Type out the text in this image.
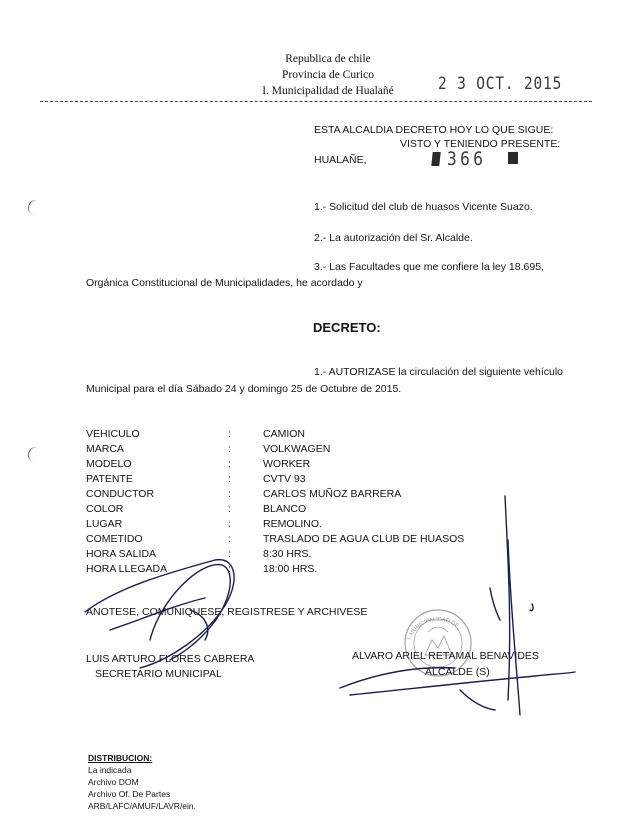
Republica de chile
Provincia de Curico
I. Municipalidad de Hualañé	2 3 OCT. 2015
ESTA ALCALDIA DECRETO HOY LO QUE SIGUE:
VISTO Y TENIENDO PRESENTE:
HUALAÑE,	366
1.- Solicitud del club de huasos Vicente Suazo.
2.- La autorización del Sr. Alcalde.
3.- Las Facultades que me confiere la ley 18.695,
Orgánica Constitucional de Municipalidades, he acordado y
DECRETO:
1.- AUTORIZASE la circulación del siguiente vehículo
Municipal para el día Sábado 24 y domingo 25 de Octubre de 2015.
VEHICULO	:	CAMION
MARCA	:	VOLKWAGEN
MODELO	:	WORKER
PATENTE	:	CVTV 93
CONDUCTOR	:	CARLOS MUÑOZ BARRERA
COLOR	:	BLANCO
LUGAR	:	REMOLINO.
COMETIDO	:	TRASLADO DE AGUA CLUB DE HUASOS
HORA SALIDA	:	8:30 HRS.
HORA LLEGADA	:	18:00 HRS.
ANOTESE, COMUNIQUESE, REGISTRESE Y ARCHIVESE
LUIS ARTURO FLORES CABRERA
SECRETARIO MUNICIPAL
ALVARO ARIEL RETAMAL BENAVIDES
ALCALDE (S)
DISTRIBUCION:
La indicada
Archivo DOM
Archivo Of. De Partes
ARB/LAFC/AMUF/LAVR/ein.
I. MUNICIPALIDAD DE
